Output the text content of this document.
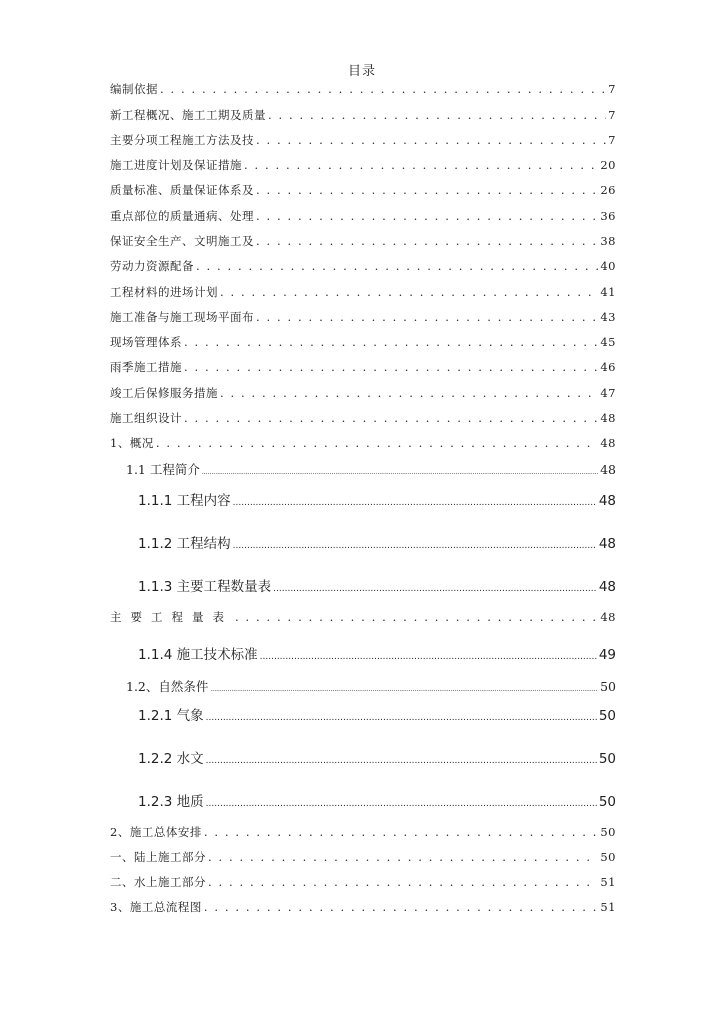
目录
编制依据 . . .	7
新工程概况、施工工期及质量 . . .	7
主要分项工程施工方法及技 . . .	7
施工进度计划及保证措施 . . .	20
质量标准、质量保证体系及 . . .	26
重点部位的质量通病、处理 . . .	36
保证安全生产、文明施工及 . . .	38
劳动力资源配备 . . .	40
工程材料的进场计划 . . .	41
施工准备与施工现场平面布 . . .	43
现场管理体系 . . .	45
雨季施工措施 . . .	46
竣工后保修服务措施 . . .	47
施工组织设计 . . .	48
1、概况 . . .	48
1.1 工程简介 .....	48
1.1.1 工程内容 .....	48
1.1.2 工程结构 .....	48
1.1.3 主要工程数量表 .....	48
主要工程量表 . . .	48
1.1.4 施工技术标准 .....	49
1.2、自然条件 .....	50
1.2.1 气象 .....	50
1.2.2 水文 .....	50
1.2.3 地质 .....	50
2、施工总体安排 . . .	50
一、陆上施工部分 . . .	50
二、水上施工部分 . . .	51
3、施工总流程图 . . .	51
